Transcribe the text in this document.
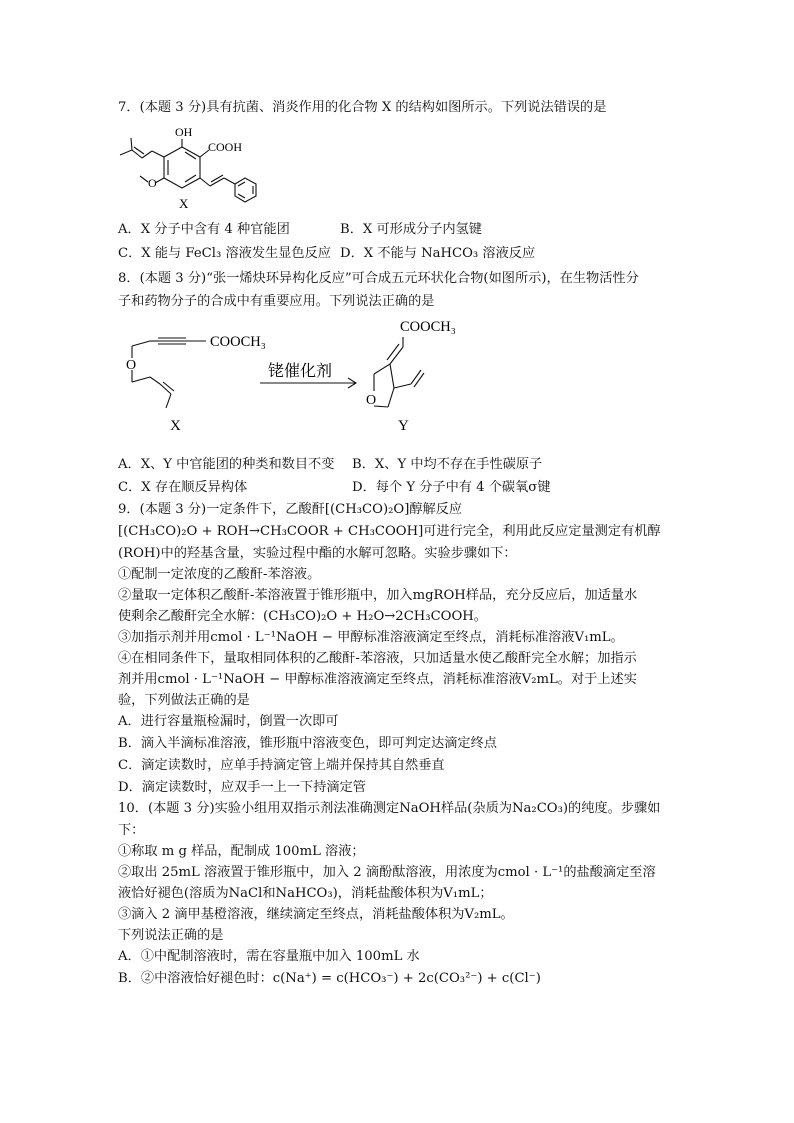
7．(本题 3 分)具有抗菌、消炎作用的化合物 X 的结构如图所示。下列说法错误的是
OH
COOH
O
X
A．X 分子中含有 4 种官能团	B．X 可形成分子内氢键
C．X 能与 FeCl₃ 溶液发生显色反应 D．X 不能与 NaHCO₃ 溶液反应
8．(本题 3 分)“张一烯炔环异构化反应”可合成五元环状化合物(如图所示)，在生物活性分
子和药物分子的合成中有重要应用。下列说法正确的是
COOCH₃
O
X
铑催化剂
COOCH₃
O
Y
A．X、Y 中官能团的种类和数目不变 B．X、Y 中均不存在手性碳原子
C．X 存在顺反异构体	D．每个 Y 分子中有 4 个碳氧σ键
9．(本题 3 分)一定条件下，乙酸酐[(CH₃CO)₂O]醇解反应
[(CH₃CO)₂O + ROH→CH₃COOR + CH₃COOH]可进行完全，利用此反应定量测定有机醇
(ROH)中的羟基含量，实验过程中酯的水解可忽略。实验步骤如下：
①配制一定浓度的乙酸酐-苯溶液。
②量取一定体积乙酸酐-苯溶液置于锥形瓶中，加入mgROH样品，充分反应后，加适量水
使剩余乙酸酐完全水解：(CH₃CO)₂O + H₂O→2CH₃COOH。
③加指示剂并用cmol · L⁻¹NaOH − 甲醇标准溶液滴定至终点，消耗标准溶液V₁mL。
④在相同条件下，量取相同体积的乙酸酐-苯溶液，只加适量水使乙酸酐完全水解；加指示
剂并用cmol · L⁻¹NaOH − 甲醇标准溶液滴定至终点，消耗标准溶液V₂mL。对于上述实
验，下列做法正确的是
A．进行容量瓶检漏时，倒置一次即可
B．滴入半滴标准溶液，锥形瓶中溶液变色，即可判定达滴定终点
C．滴定读数时，应单手持滴定管上端并保持其自然垂直
D．滴定读数时，应双手一上一下持滴定管
10．(本题 3 分)实验小组用双指示剂法准确测定NaOH样品(杂质为Na₂CO₃)的纯度。步骤如
下：
①称取 m g 样品，配制成 100mL 溶液；
②取出 25mL 溶液置于锥形瓶中，加入 2 滴酚酞溶液，用浓度为cmol · L⁻¹的盐酸滴定至溶
液恰好褪色(溶质为NaCl和NaHCO₃)，消耗盐酸体积为V₁mL；
③滴入 2 滴甲基橙溶液，继续滴定至终点，消耗盐酸体积为V₂mL。
下列说法正确的是
A．①中配制溶液时，需在容量瓶中加入 100mL 水
B．②中溶液恰好褪色时：c(Na⁺) = c(HCO₃⁻) + 2c(CO₃²⁻) + c(Cl⁻)
